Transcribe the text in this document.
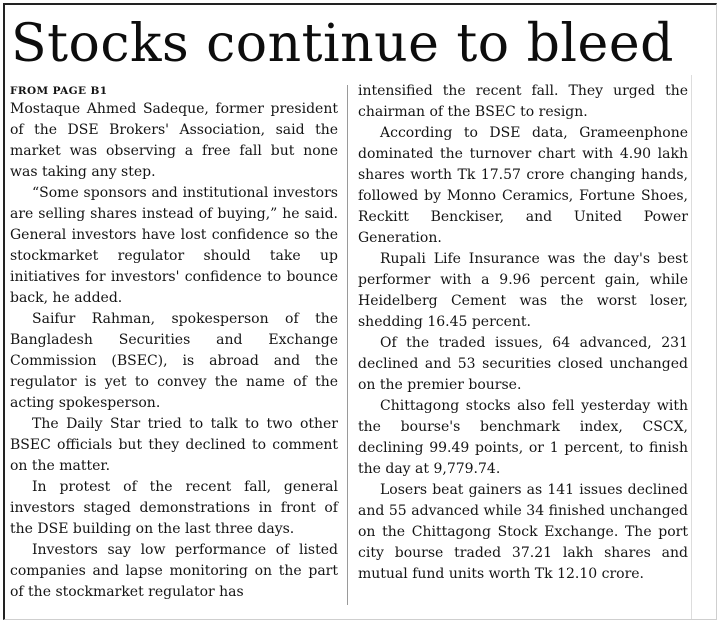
Stocks continue to bleed
FROM PAGE B1

Mostaque Ahmed Sadeque, former president of the DSE Brokers' Association, said the market was observing a free fall but none was taking any step.

“Some sponsors and institutional investors are selling shares instead of buying,” he said. General investors have lost confidence so the stockmarket regulator should take up initiatives for investors' confidence to bounce back, he added.

Saifur Rahman, spokesperson of the Bangladesh Securities and Exchange Commission (BSEC), is abroad and the regulator is yet to convey the name of the acting spokesperson.

The Daily Star tried to talk to two other BSEC officials but they declined to comment on the matter.

In protest of the recent fall, general investors staged demonstrations in front of the DSE building on the last three days.

Investors say low performance of listed companies and lapse monitoring on the part of the stockmarket regulator has

intensified the recent fall. They urged the chairman of the BSEC to resign.

According to DSE data, Grameenphone dominated the turnover chart with 4.90 lakh shares worth Tk 17.57 crore changing hands, followed by Monno Ceramics, Fortune Shoes, Reckitt Benckiser, and United Power Generation.

Rupali Life Insurance was the day's best performer with a 9.96 percent gain, while Heidelberg Cement was the worst loser, shedding 16.45 percent.

Of the traded issues, 64 advanced, 231 declined and 53 securities closed unchanged on the premier bourse.

Chittagong stocks also fell yesterday with the bourse's benchmark index, CSCX, declining 99.49 points, or 1 percent, to finish the day at 9,779.74.

Losers beat gainers as 141 issues declined and 55 advanced while 34 finished unchanged on the Chittagong Stock Exchange. The port city bourse traded 37.21 lakh shares and mutual fund units worth Tk 12.10 crore.
